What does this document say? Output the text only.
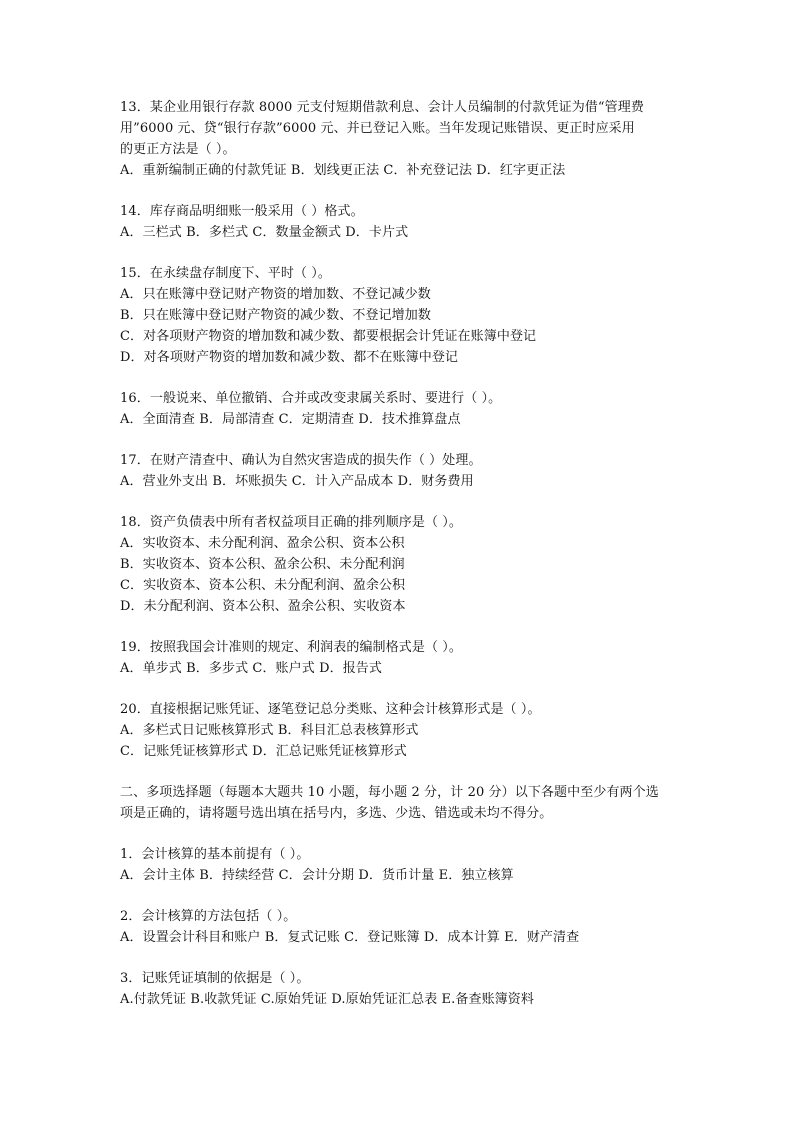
13．某企业用银行存款 8000 元支付短期借款利息、会计人员编制的付款凭证为借“管理费
用”6000 元、贷“银行存款”6000 元、并已登记入账。当年发现记账错误、更正时应采用
的更正方法是（ ）。
A．重新编制正确的付款凭证 B．划线更正法 C．补充登记法 D．红字更正法
14．库存商品明细账一般采用（ ）格式。
A．三栏式 B．多栏式 C．数量金额式 D．卡片式
15．在永续盘存制度下、平时（ ）。
A．只在账簿中登记财产物资的增加数、不登记减少数
B．只在账簿中登记财产物资的减少数、不登记增加数
C．对各项财产物资的增加数和减少数、都要根据会计凭证在账簿中登记
D．对各项财产物资的增加数和减少数、都不在账簿中登记
16．一般说来、单位撤销、合并或改变隶属关系时、要进行（ ）。
A．全面清查 B．局部清查 C．定期清查 D．技术推算盘点
17．在财产清查中、确认为自然灾害造成的损失作（ ）处理。
A．营业外支出 B．坏账损失 C．计入产品成本 D．财务费用
18．资产负债表中所有者权益项目正确的排列顺序是（ ）。
A．实收资本、未分配利润、盈余公积、资本公积
B．实收资本、资本公积、盈余公积、未分配利润
C．实收资本、资本公积、未分配利润、盈余公积
D．未分配利润、资本公积、盈余公积、实收资本
19．按照我国会计准则的规定、利润表的编制格式是（ ）。
A．单步式 B．多步式 C．账户式 D．报告式
20．直接根据记账凭证、逐笔登记总分类账、这种会计核算形式是（ ）。
A．多栏式日记账核算形式 B．科目汇总表核算形式
C．记账凭证核算形式 D．汇总记账凭证核算形式
二、多项选择题（每题本大题共 10 小题，每小题 2 分，计 20 分）以下各题中至少有两个选
项是正确的，请将题号选出填在括号内，多选、少选、错选或未均不得分。
1．会计核算的基本前提有（ ）。
A．会计主体 B．持续经营 C．会计分期 D．货币计量 E．独立核算
2．会计核算的方法包括（ ）。
A．设置会计科目和账户 B．复式记账 C．登记账簿 D．成本计算 E．财产清查
3．记账凭证填制的依据是（ ）。
A.付款凭证 B.收款凭证 C.原始凭证 D.原始凭证汇总表 E.备查账簿资料
